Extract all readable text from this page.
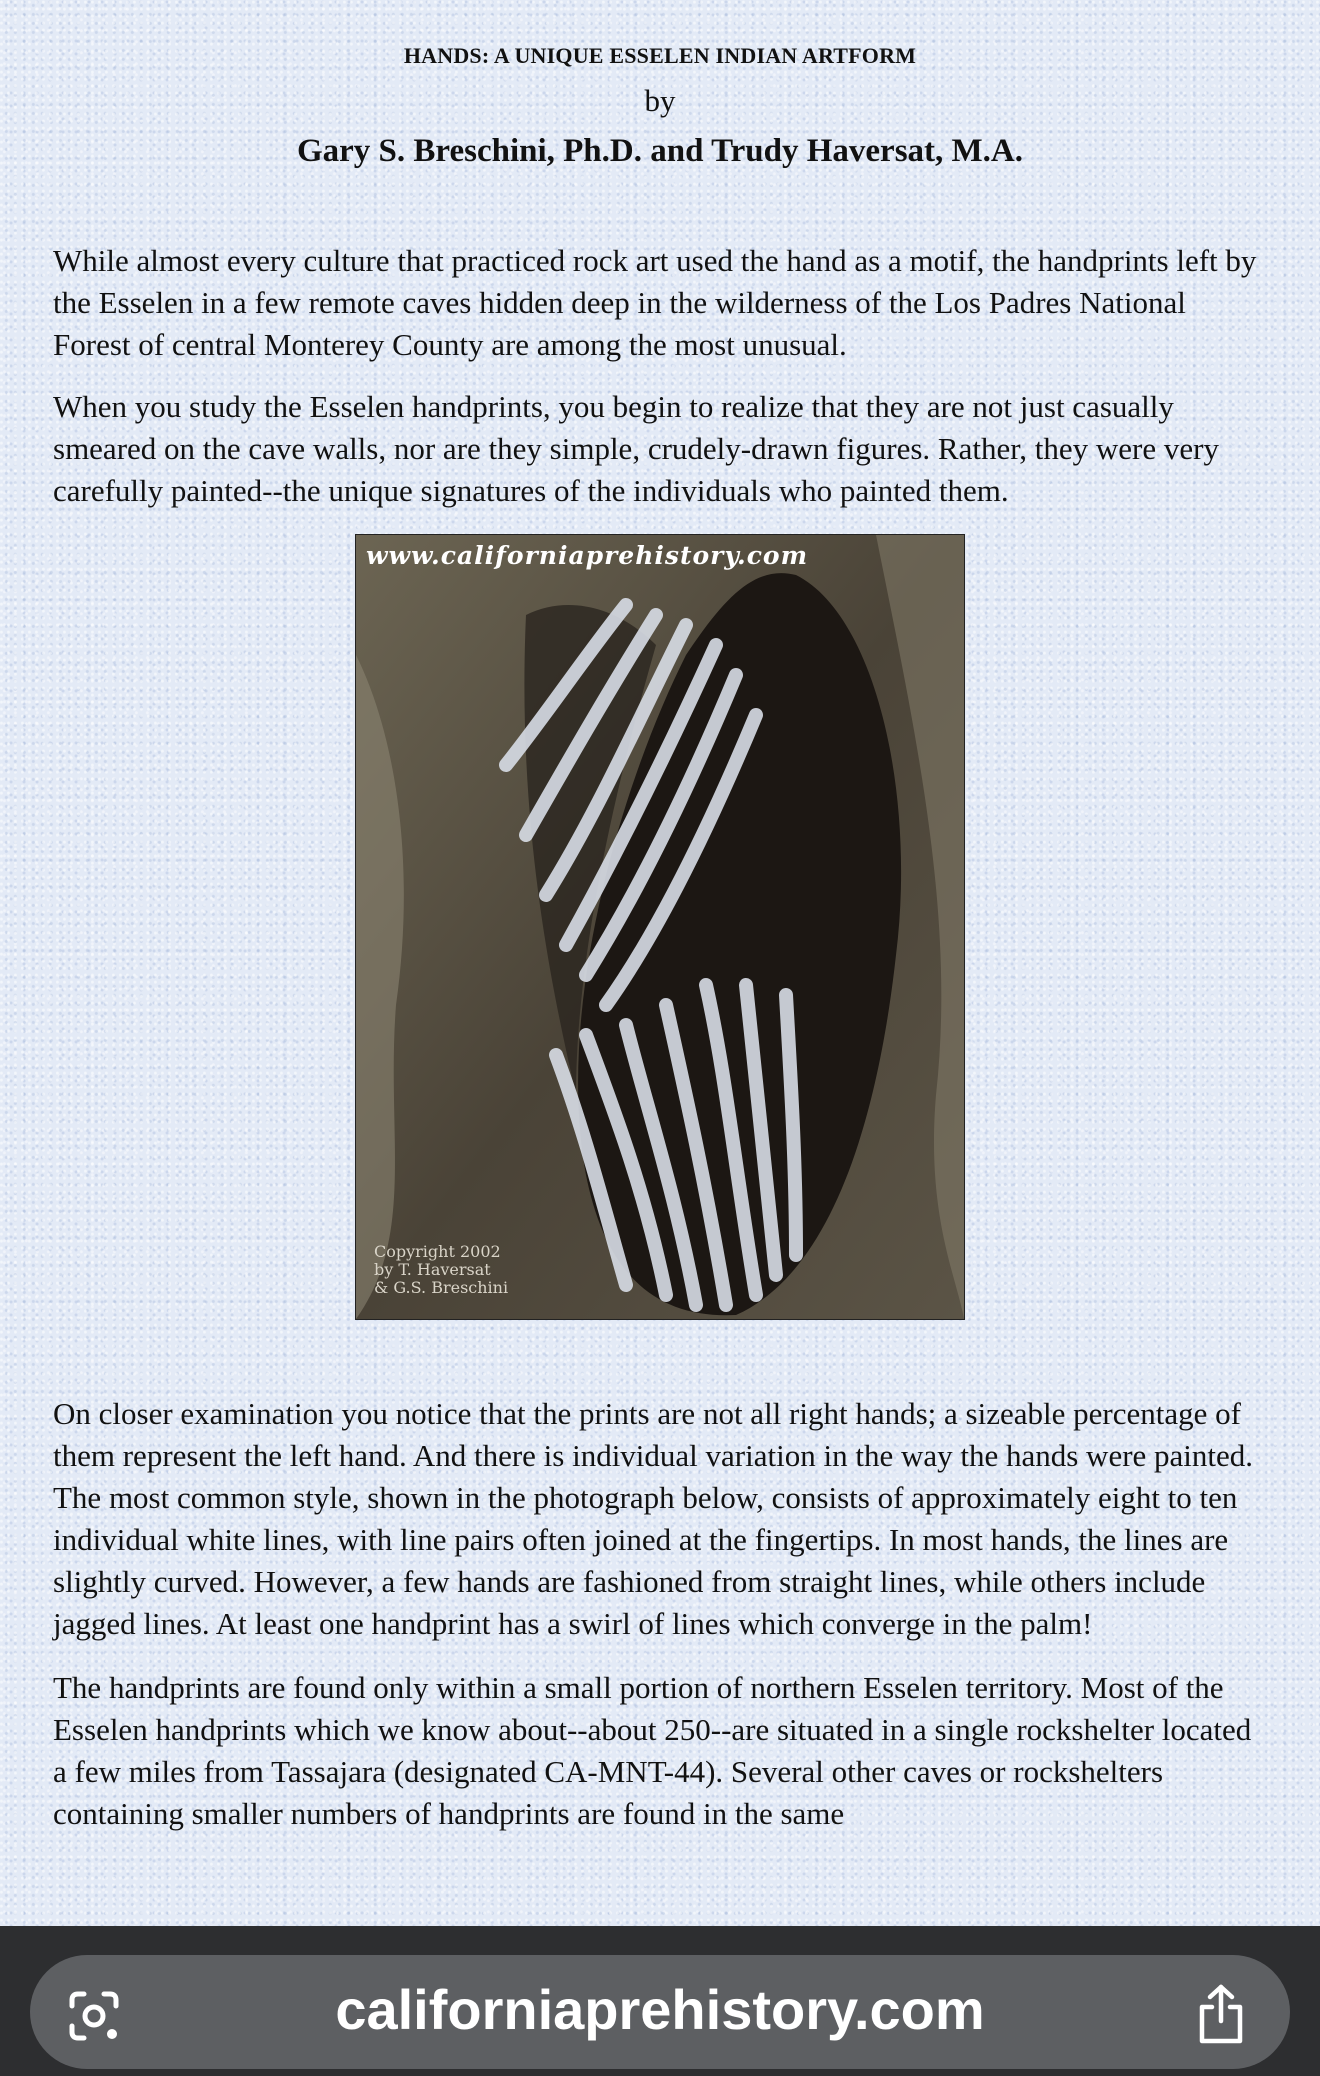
HANDS: A UNIQUE ESSELEN INDIAN ARTFORM
by
Gary S. Breschini, Ph.D. and Trudy Haversat, M.A.

While almost every culture that practiced rock art used the hand as a motif, the handprints left by the Esselen in a few remote caves hidden deep in the wilderness of the Los Padres National Forest of central Monterey County are among the most unusual.

When you study the Esselen handprints, you begin to realize that they are not just casually smeared on the cave walls, nor are they simple, crudely-drawn figures. Rather, they were very carefully painted--the unique signatures of the individuals who painted them.

www.californiaprehistory.com
Copyright 2002
by T. Haversat
& G.S. Breschini

On closer examination you notice that the prints are not all right hands; a sizeable percentage of them represent the left hand. And there is individual variation in the way the hands were painted. The most common style, shown in the photograph below, consists of approximately eight to ten individual white lines, with line pairs often joined at the fingertips. In most hands, the lines are slightly curved. However, a few hands are fashioned from straight lines, while others include jagged lines. At least one handprint has a swirl of lines which converge in the palm!

The handprints are found only within a small portion of northern Esselen territory. Most of the Esselen handprints which we know about--about 250--are situated in a single rockshelter located a few miles from Tassajara (designated CA-MNT-44). Several other caves or rockshelters containing smaller numbers of handprints are found in the same

californiaprehistory.com
